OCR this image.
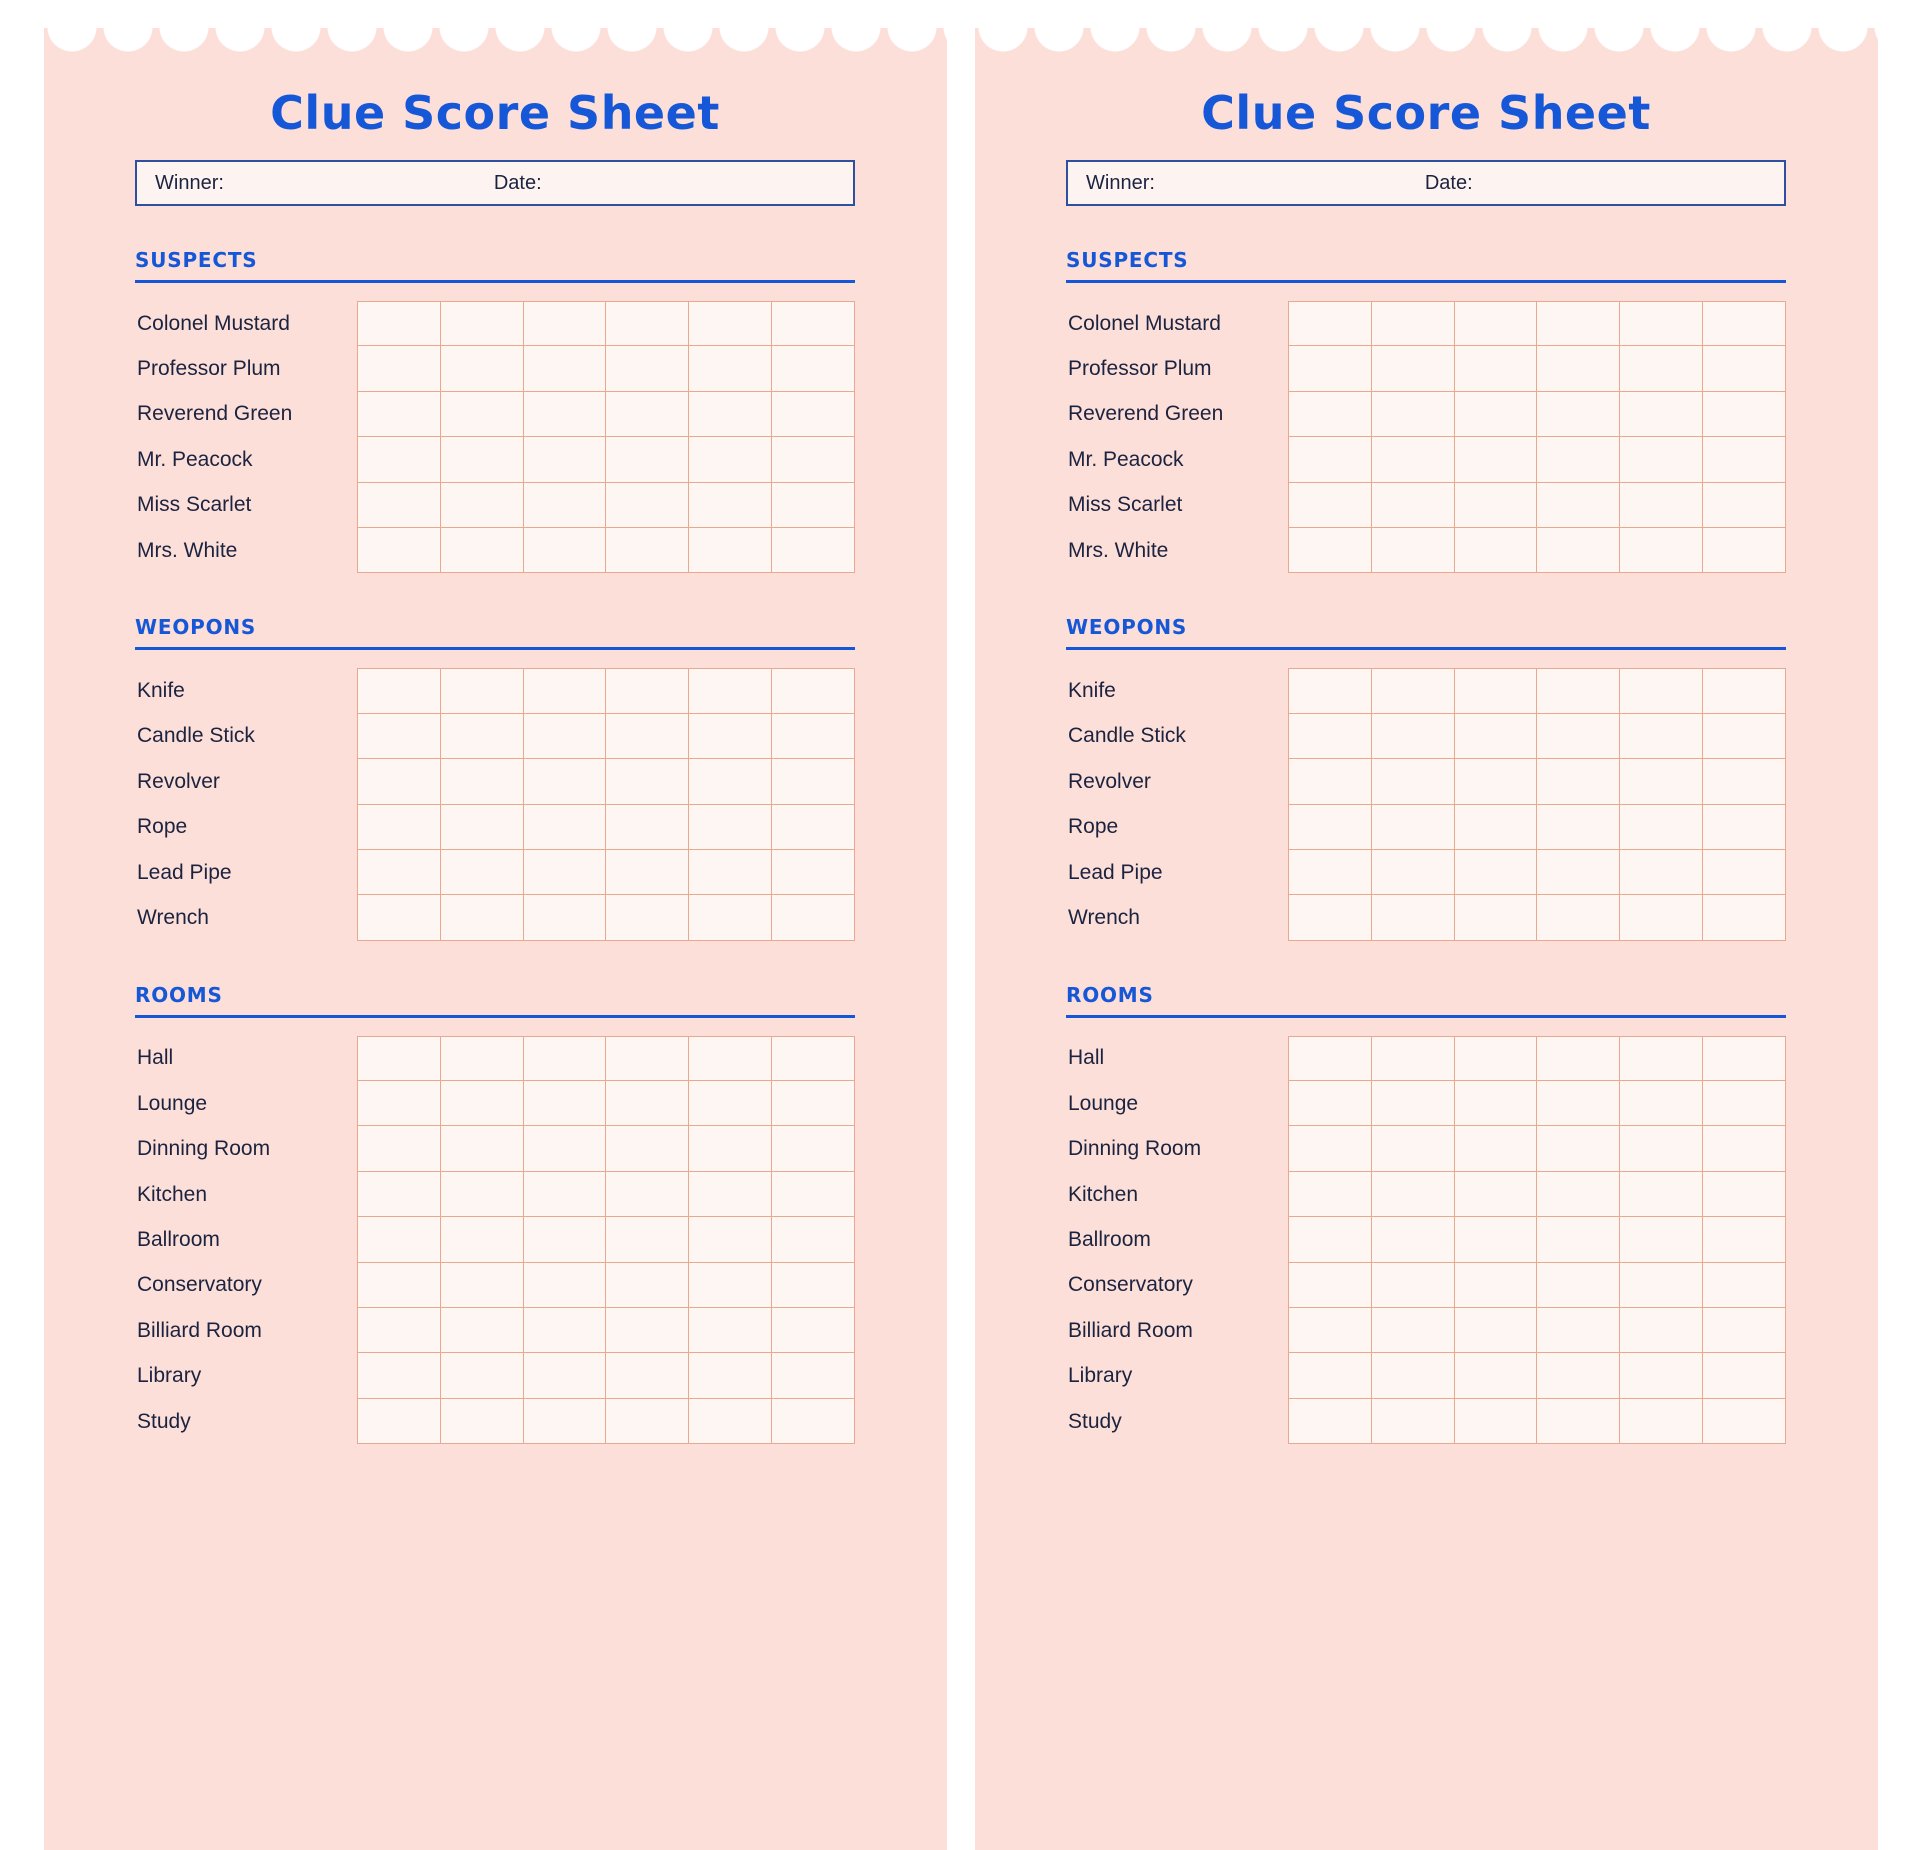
Clue Score Sheet
Winner:	Date:
SUSPECTS
Colonel Mustard
Professor Plum
Reverend Green
Mr. Peacock
Miss Scarlet
Mrs. White
WEOPONS
Knife
Candle Stick
Revolver
Rope
Lead Pipe
Wrench
ROOMS
Hall
Lounge
Dinning Room
Kitchen
Ballroom
Conservatory
Billiard Room
Library
Study
Clue Score Sheet
Winner:	Date:
SUSPECTS
Colonel Mustard
Professor Plum
Reverend Green
Mr. Peacock
Miss Scarlet
Mrs. White
WEOPONS
Knife
Candle Stick
Revolver
Rope
Lead Pipe
Wrench
ROOMS
Hall
Lounge
Dinning Room
Kitchen
Ballroom
Conservatory
Billiard Room
Library
Study
